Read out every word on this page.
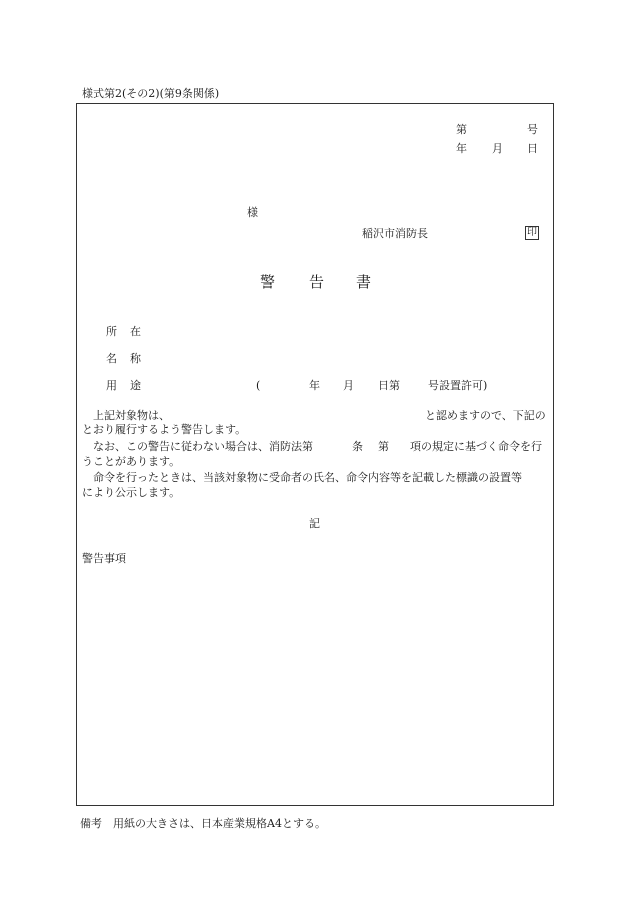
様式第2(その2)(第9条関係)
第	号
年 月 日
様
稲沢市消防長	印
警 告 書
所 在
名 称
用 途	(	年 月 日第	号設置許可)
上記対象物は、	と認めますので、下記の
とおり履行するよう警告します。
なお、この警告に従わない場合は、消防法第	条 第 項の規定に基づく命令を行
うことがあります。
命令を行ったときは、当該対象物に受命者の氏名、命令内容等を記載した標識の設置等
により公示します。
記
警告事項
備考 用紙の大きさは、日本産業規格A4とする。
